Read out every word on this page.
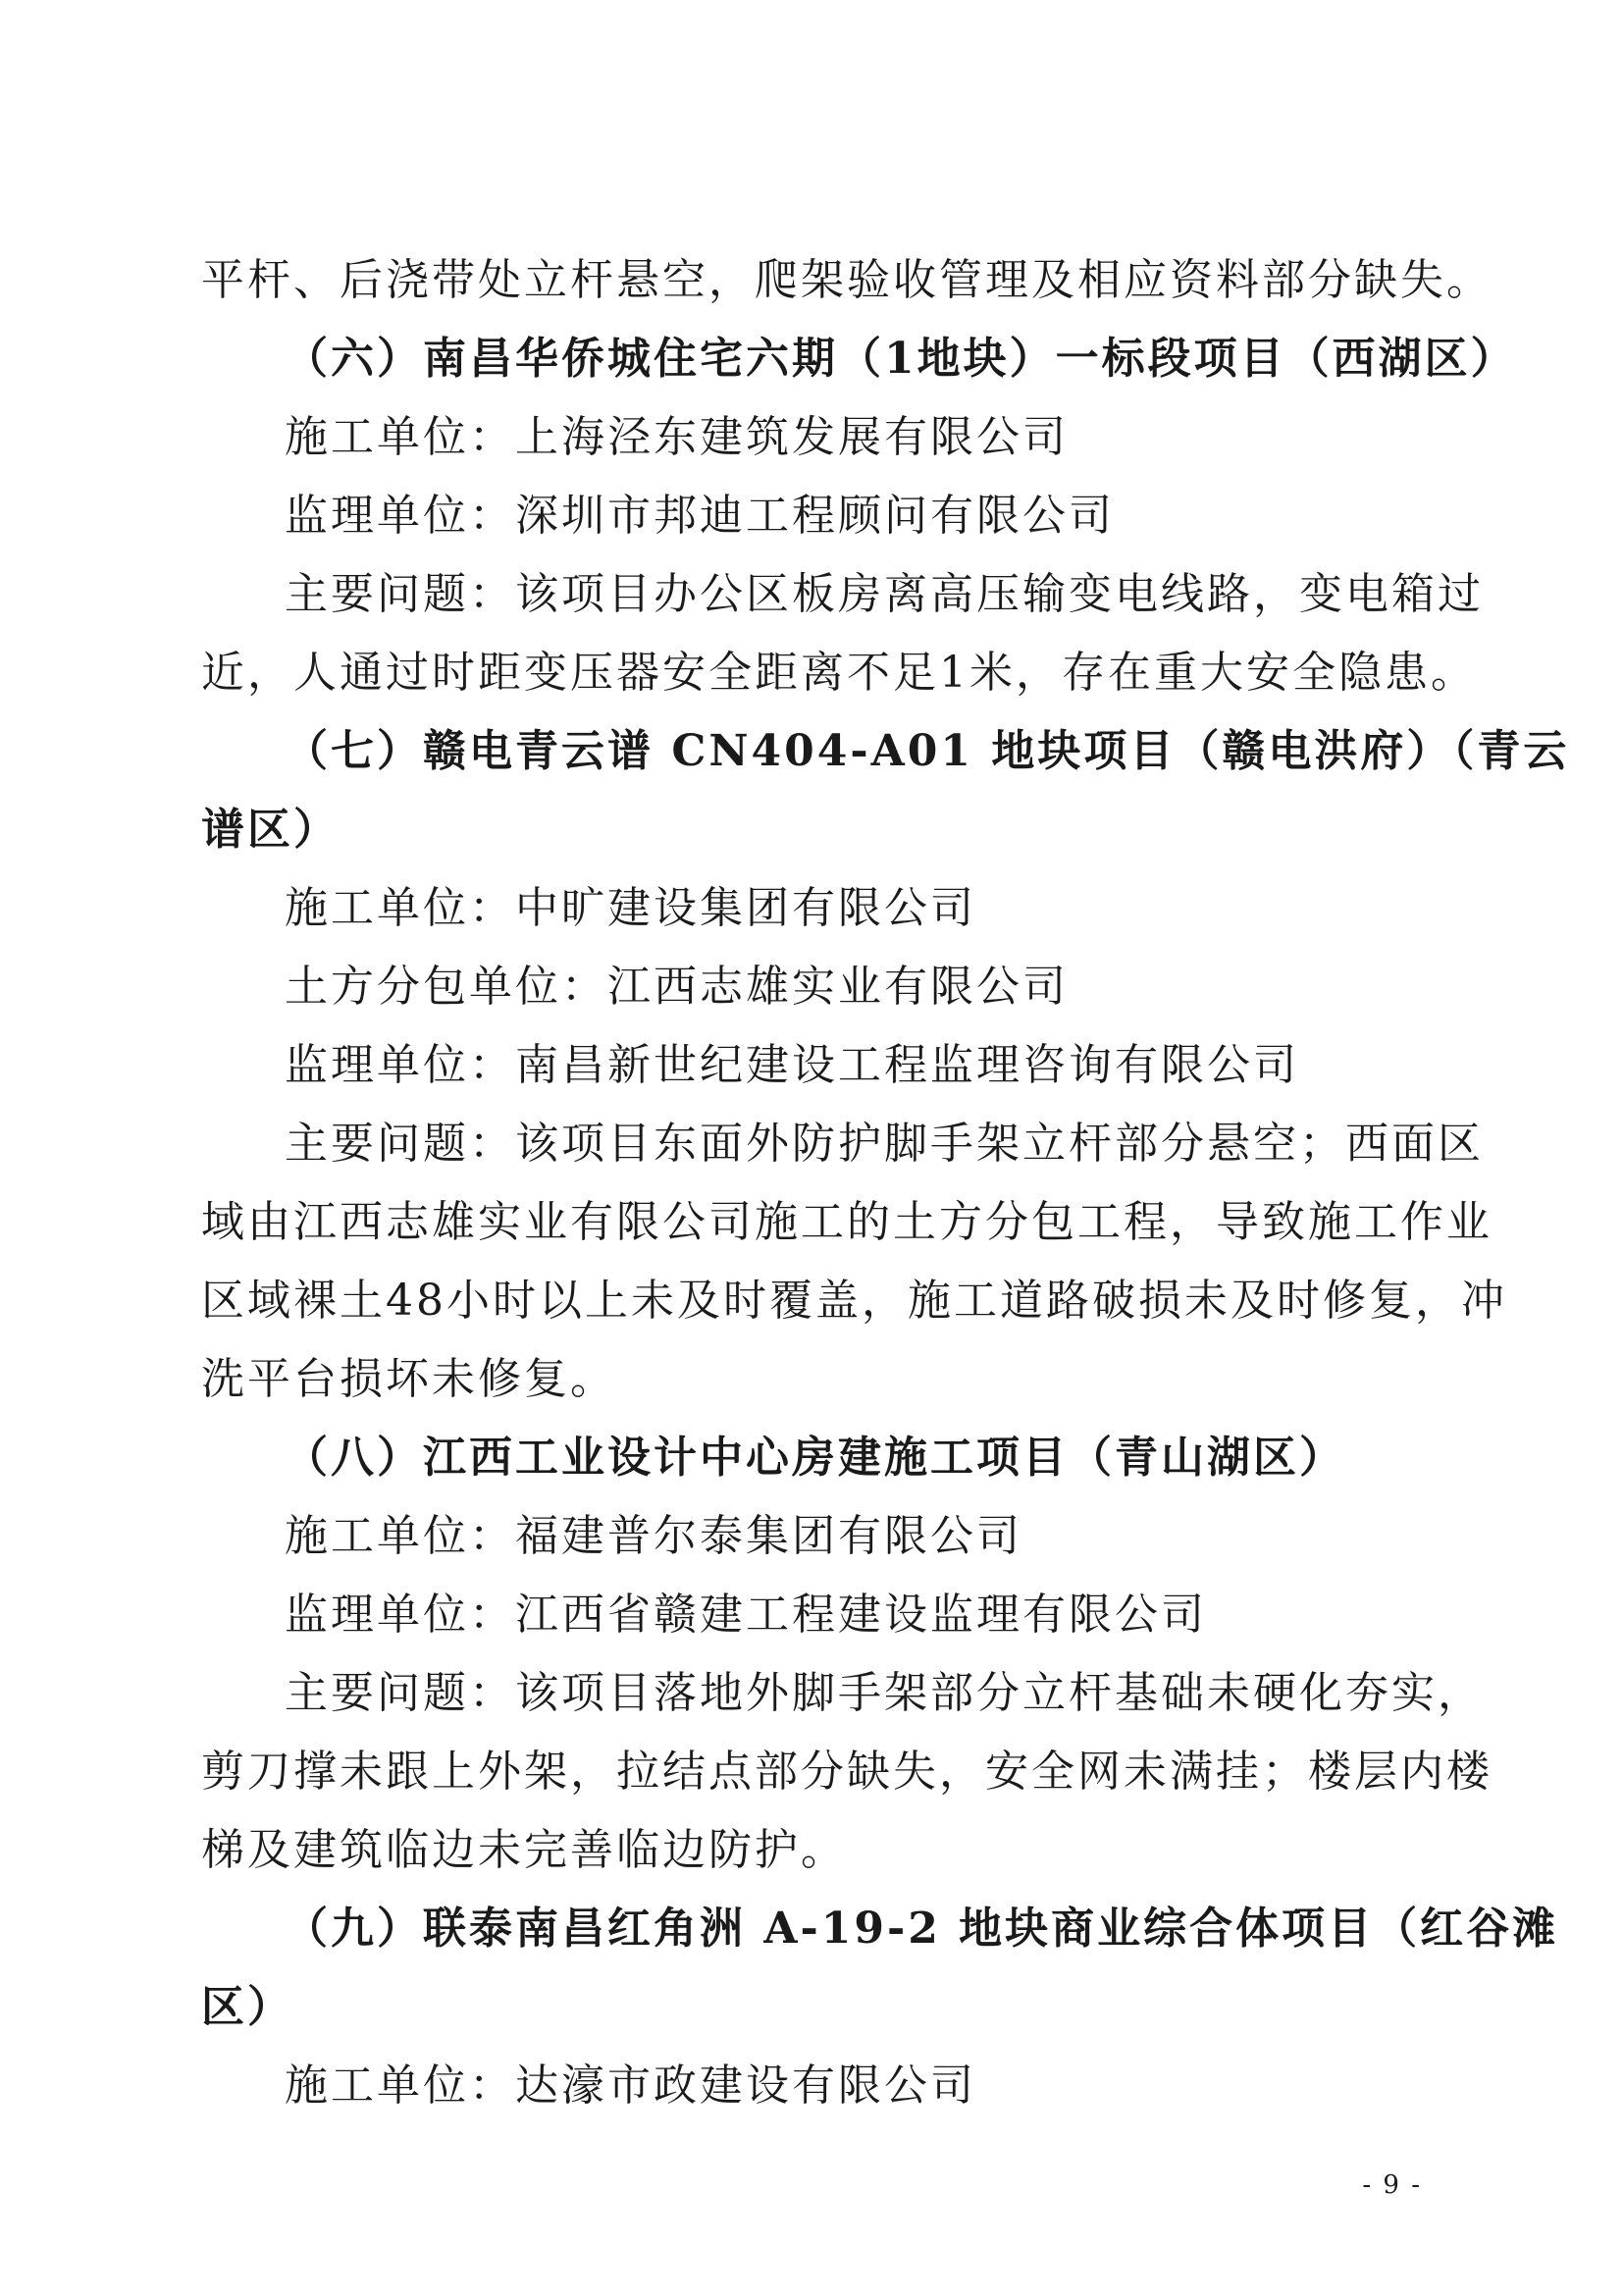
平杆、后浇带处立杆悬空，爬架验收管理及相应资料部分缺失。
（六）南昌华侨城住宅六期（1地块）一标段项目（西湖区）
施工单位：上海泾东建筑发展有限公司
监理单位：深圳市邦迪工程顾问有限公司
主要问题：该项目办公区板房离高压输变电线路，变电箱过
近，人通过时距变压器安全距离不足1米，存在重大安全隐患。
（七）赣电青云谱 CN404-A01 地块项目（赣电洪府）（青云
谱区）
施工单位：中旷建设集团有限公司
土方分包单位：江西志雄实业有限公司
监理单位：南昌新世纪建设工程监理咨询有限公司
主要问题：该项目东面外防护脚手架立杆部分悬空；西面区
域由江西志雄实业有限公司施工的土方分包工程，导致施工作业
区域裸土48小时以上未及时覆盖，施工道路破损未及时修复，冲
洗平台损坏未修复。
（八）江西工业设计中心房建施工项目（青山湖区）
施工单位：福建普尔泰集团有限公司
监理单位：江西省赣建工程建设监理有限公司
主要问题：该项目落地外脚手架部分立杆基础未硬化夯实，
剪刀撑未跟上外架，拉结点部分缺失，安全网未满挂；楼层内楼
梯及建筑临边未完善临边防护。
（九）联泰南昌红角洲 A-19-2 地块商业综合体项目（红谷滩
区）
施工单位：达濠市政建设有限公司
- 9 -
